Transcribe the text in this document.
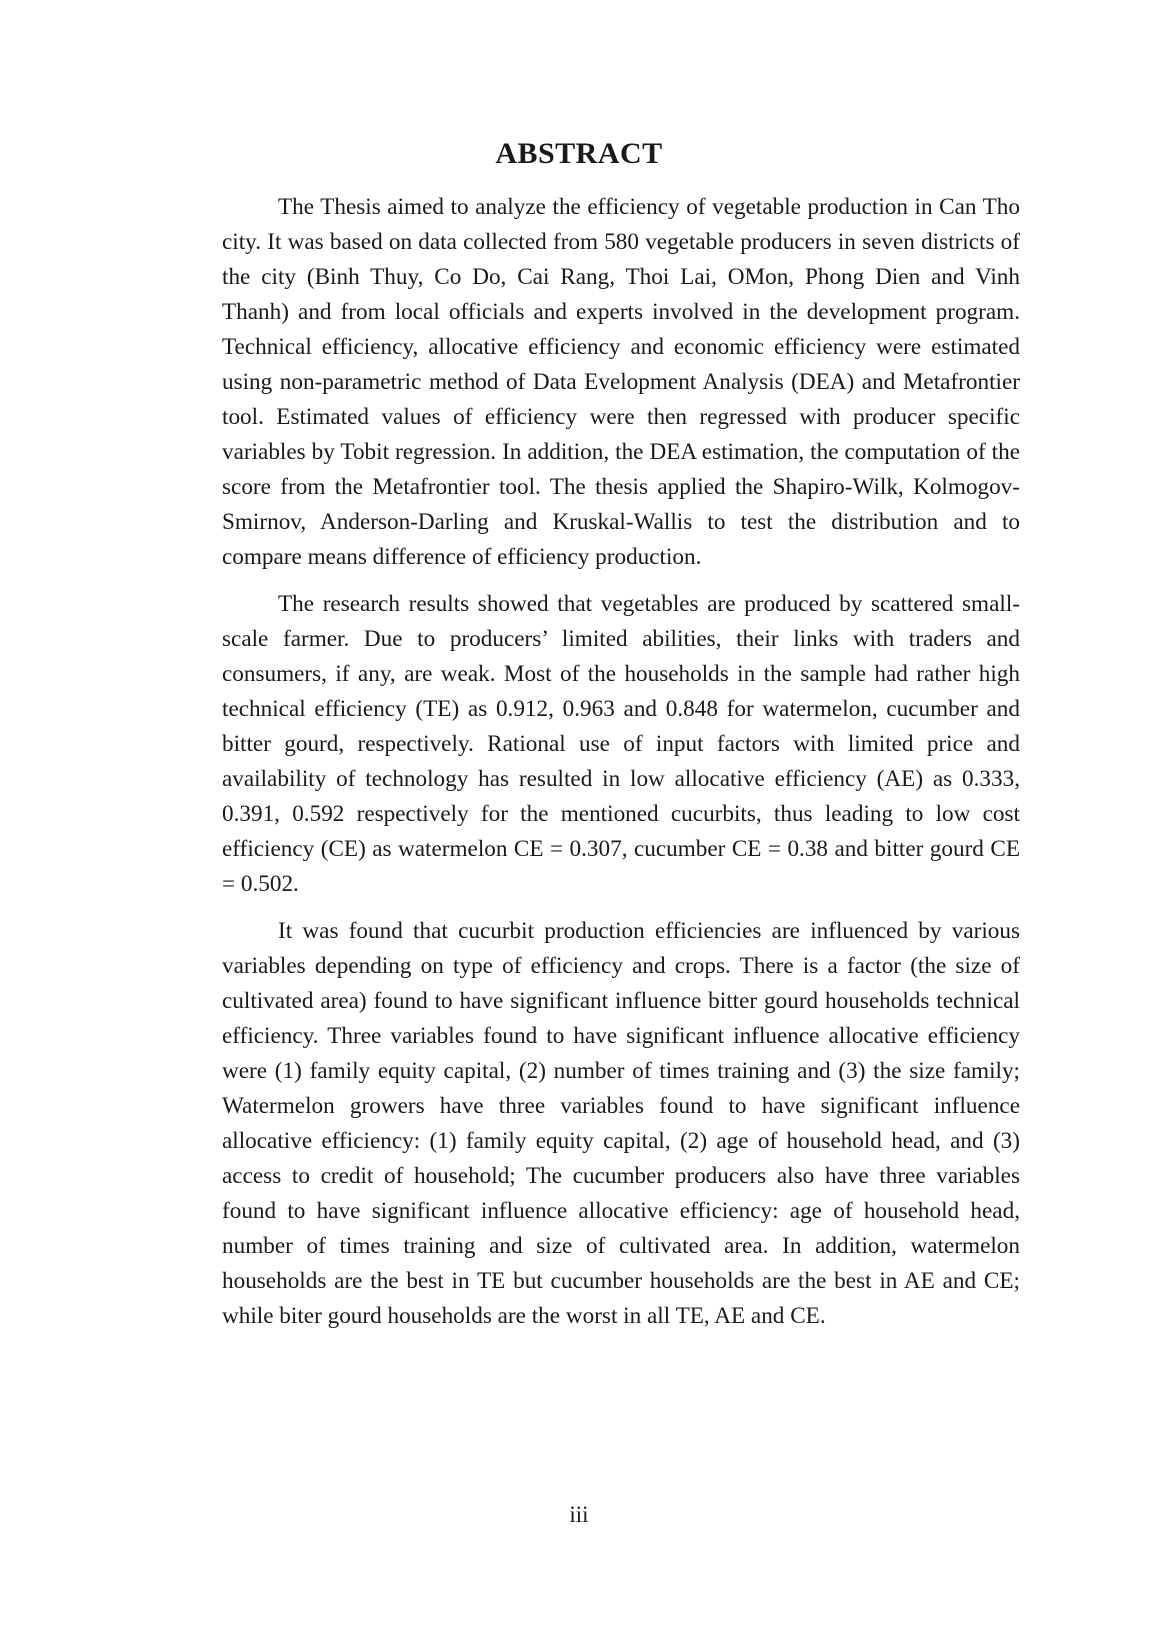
ABSTRACT

The Thesis aimed to analyze the efficiency of vegetable production in Can Tho city. It was based on data collected from 580 vegetable producers in seven districts of the city (Binh Thuy, Co Do, Cai Rang, Thoi Lai, OMon, Phong Dien and Vinh Thanh) and from local officials and experts involved in the development program. Technical efficiency, allocative efficiency and economic efficiency were estimated using non-parametric method of Data Evelopment Analysis (DEA) and Metafrontier tool. Estimated values of efficiency were then regressed with producer specific variables by Tobit regression. In addition, the DEA estimation, the computation of the score from the Metafrontier tool. The thesis applied the Shapiro-Wilk, Kolmogov-Smirnov, Anderson-Darling and Kruskal-Wallis to test the distribution and to compare means difference of efficiency production.

The research results showed that vegetables are produced by scattered small-scale farmer. Due to producers’ limited abilities, their links with traders and consumers, if any, are weak. Most of the households in the sample had rather high technical efficiency (TE) as 0.912, 0.963 and 0.848 for watermelon, cucumber and bitter gourd, respectively. Rational use of input factors with limited price and availability of technology has resulted in low allocative efficiency (AE) as 0.333, 0.391, 0.592 respectively for the mentioned cucurbits, thus leading to low cost efficiency (CE) as watermelon CE = 0.307, cucumber CE = 0.38 and bitter gourd CE = 0.502.

It was found that cucurbit production efficiencies are influenced by various variables depending on type of efficiency and crops. There is a factor (the size of cultivated area) found to have significant influence bitter gourd households technical efficiency. Three variables found to have significant influence allocative efficiency were (1) family equity capital, (2) number of times training and (3) the size family; Watermelon growers have three variables found to have significant influence allocative efficiency: (1) family equity capital, (2) age of household head, and (3) access to credit of household; The cucumber producers also have three variables found to have significant influence allocative efficiency: age of household head, number of times training and size of cultivated area. In addition, watermelon households are the best in TE but cucumber households are the best in AE and CE; while biter gourd households are the worst in all TE, AE and CE.

iii
